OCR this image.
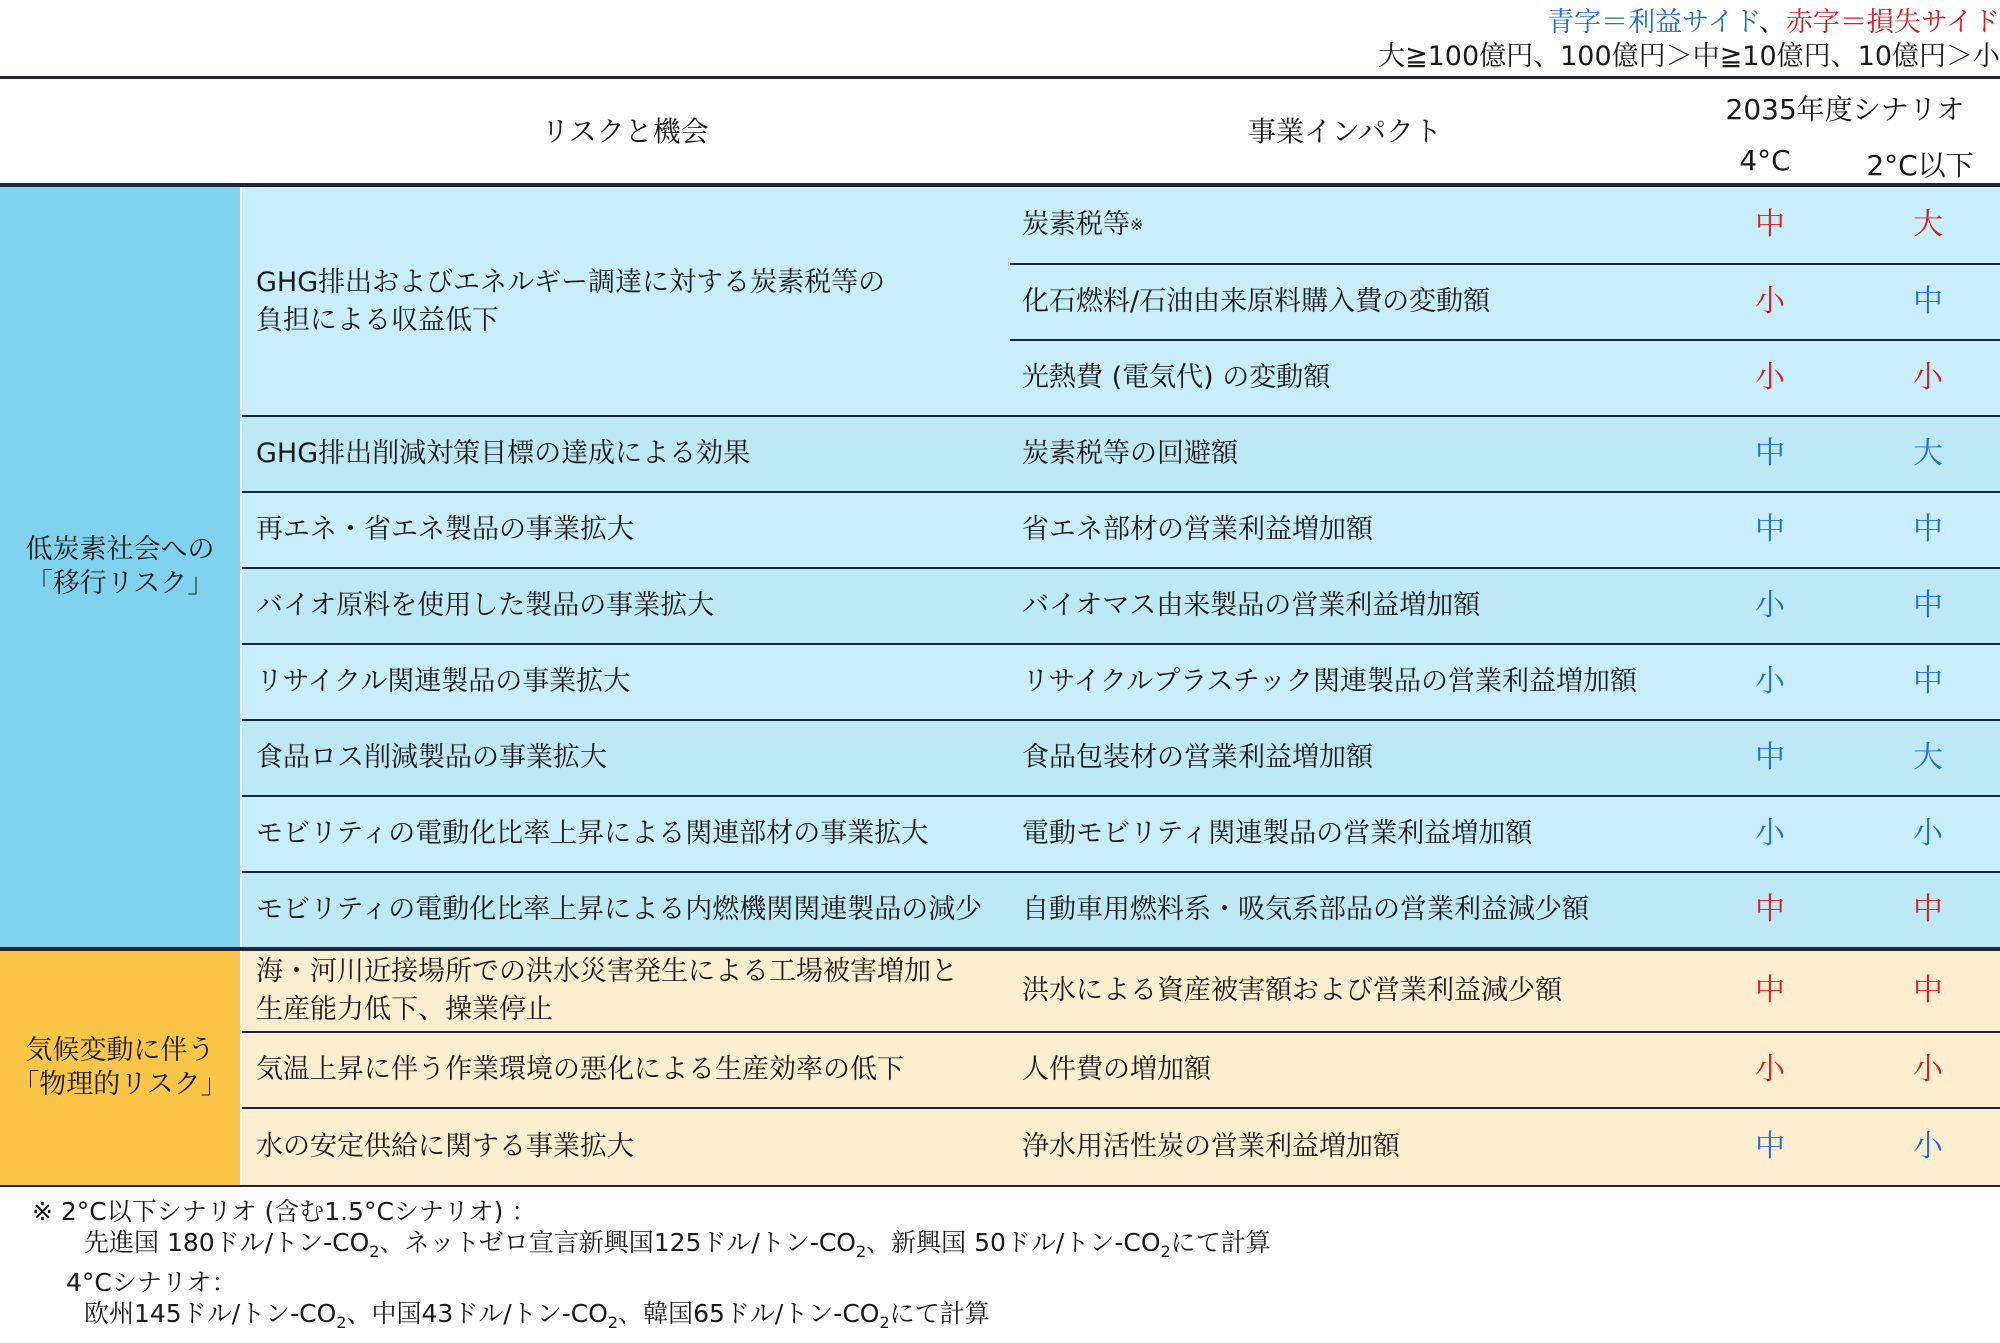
青字＝利益サイド、赤字＝損失サイド
大≧100億円、100億円＞中≧10億円、10億円＞小
リスクと機会	事業インパクト
2035年度シナリオ
4°C	2°C以下
低炭素社会への
「移行リスク」
気候変動に伴う
「物理的リスク」
GHG排出およびエネルギー調達に対する炭素税等の
負担による収益低下
炭素税等 ※	中	大
化石燃料/石油由来原料購入費の変動額	小	中
光熱費 (電気代) の変動額	小	小
GHG排出削減対策目標の達成による効果	炭素税等の回避額	中	大
再エネ・省エネ製品の事業拡大	省エネ部材の営業利益増加額	中	中
バイオ原料を使用した製品の事業拡大	バイオマス由来製品の営業利益増加額	小	中
リサイクル関連製品の事業拡大	リサイクルプラスチック関連製品の営業利益増加額	小	中
食品ロス削減製品の事業拡大	食品包装材の営業利益増加額	中	大
モビリティの電動化比率上昇による関連部材の事業拡大	電動モビリティ関連製品の営業利益増加額	小	小
モビリティの電動化比率上昇による内燃機関関連製品の減少	自動車用燃料系・吸気系部品の営業利益減少額	中	中
海・河川近接場所での洪水災害発生による工場被害増加と
生産能力低下、操業停止
洪水による資産被害額および営業利益減少額	中	中
気温上昇に伴う作業環境の悪化による生産効率の低下	人件費の増加額	小	小
水の安定供給に関する事業拡大	浄水用活性炭の営業利益増加額	中	小
※ 2°C以下シナリオ (含む1.5°Cシナリオ) ：
先進国 180ドル/トン$-CO_2$、ネットゼロ宣言新興国125ドル/トン$-CO_2$、新興国 50ドル/トン$-CO_2$にて計算
4°Cシナリオ：
欧州145ドル/トン$-CO_2$、中国43ドル/トン$-CO_2$、韓国65ドル/トン$-CO_2$にて計算
